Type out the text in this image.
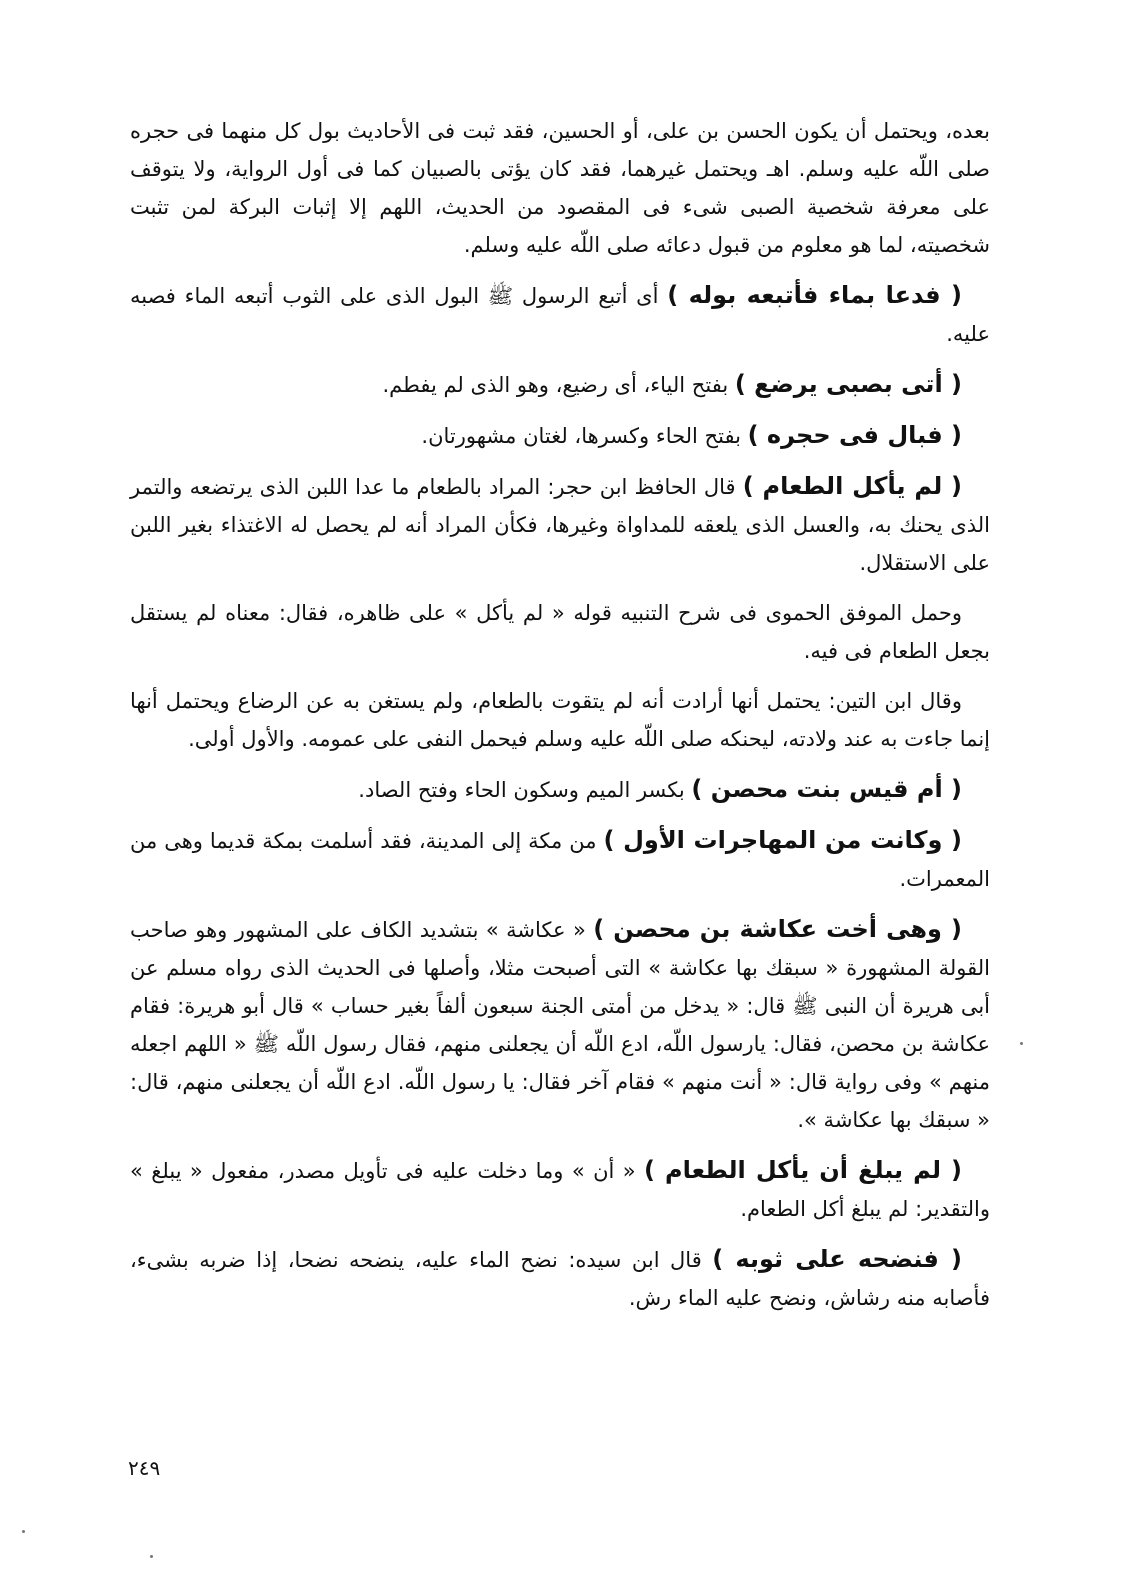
بعده، ويحتمل أن يكون الحسن بن على، أو الحسين، فقد ثبت فى الأحاديث بول كل منهما فى حجره صلى اللّه عليه وسلم. اهـ ويحتمل غيرهما، فقد كان يؤتى بالصبيان كما فى أول الرواية، ولا يتوقف على معرفة شخصية الصبى شىء فى المقصود من الحديث، اللهم إلا إثبات البركة لمن تثبت شخصيته، لما هو معلوم من قبول دعائه صلى اللّه عليه وسلم.

( فدعا بماء فأتبعه بوله ) أى أتبع الرسول ﷺ البول الذى على الثوب أتبعه الماء فصبه عليه.

( أتى بصبى يرضع ) بفتح الياء، أى رضيع، وهو الذى لم يفطم.

( فبال فى حجره ) بفتح الحاء وكسرها، لغتان مشهورتان.

( لم يأكل الطعام ) قال الحافظ ابن حجر: المراد بالطعام ما عدا اللبن الذى يرتضعه والتمر الذى يحنك به، والعسل الذى يلعقه للمداواة وغيرها، فكأن المراد أنه لم يحصل له الاغتذاء بغير اللبن على الاستقلال.

وحمل الموفق الحموى فى شرح التنبيه قوله « لم يأكل » على ظاهره، فقال: معناه لم يستقل بجعل الطعام فى فيه.

وقال ابن التين: يحتمل أنها أرادت أنه لم يتقوت بالطعام، ولم يستغن به عن الرضاع ويحتمل أنها إنما جاءت به عند ولادته، ليحنكه صلى اللّه عليه وسلم فيحمل النفى على عمومه. والأول أولى.

( أم قيس بنت محصن ) بكسر الميم وسكون الحاء وفتح الصاد.

( وكانت من المهاجرات الأول ) من مكة إلى المدينة، فقد أسلمت بمكة قديما وهى من المعمرات.

( وهى أخت عكاشة بن محصن ) « عكاشة » بتشديد الكاف على المشهور وهو صاحب القولة المشهورة « سبقك بها عكاشة » التى أصبحت مثلا، وأصلها فى الحديث الذى رواه مسلم عن أبى هريرة أن النبى ﷺ قال: « يدخل من أمتى الجنة سبعون ألفاً بغير حساب » قال أبو هريرة: فقام عكاشة بن محصن، فقال: يارسول اللّه، ادع اللّه أن يجعلنى منهم، فقال رسول اللّه ﷺ « اللهم اجعله منهم » وفى رواية قال: « أنت منهم » فقام آخر فقال: يا رسول اللّه. ادع اللّه أن يجعلنى منهم، قال: « سبقك بها عكاشة ».

( لم يبلغ أن يأكل الطعام ) « أن » وما دخلت عليه فى تأويل مصدر، مفعول « يبلغ » والتقدير: لم يبلغ أكل الطعام.

( فنضحه على ثوبه ) قال ابن سيده: نضح الماء عليه، ينضحه نضحا، إذا ضربه بشىء، فأصابه منه رشاش، ونضح عليه الماء رش.

٢٤٩
